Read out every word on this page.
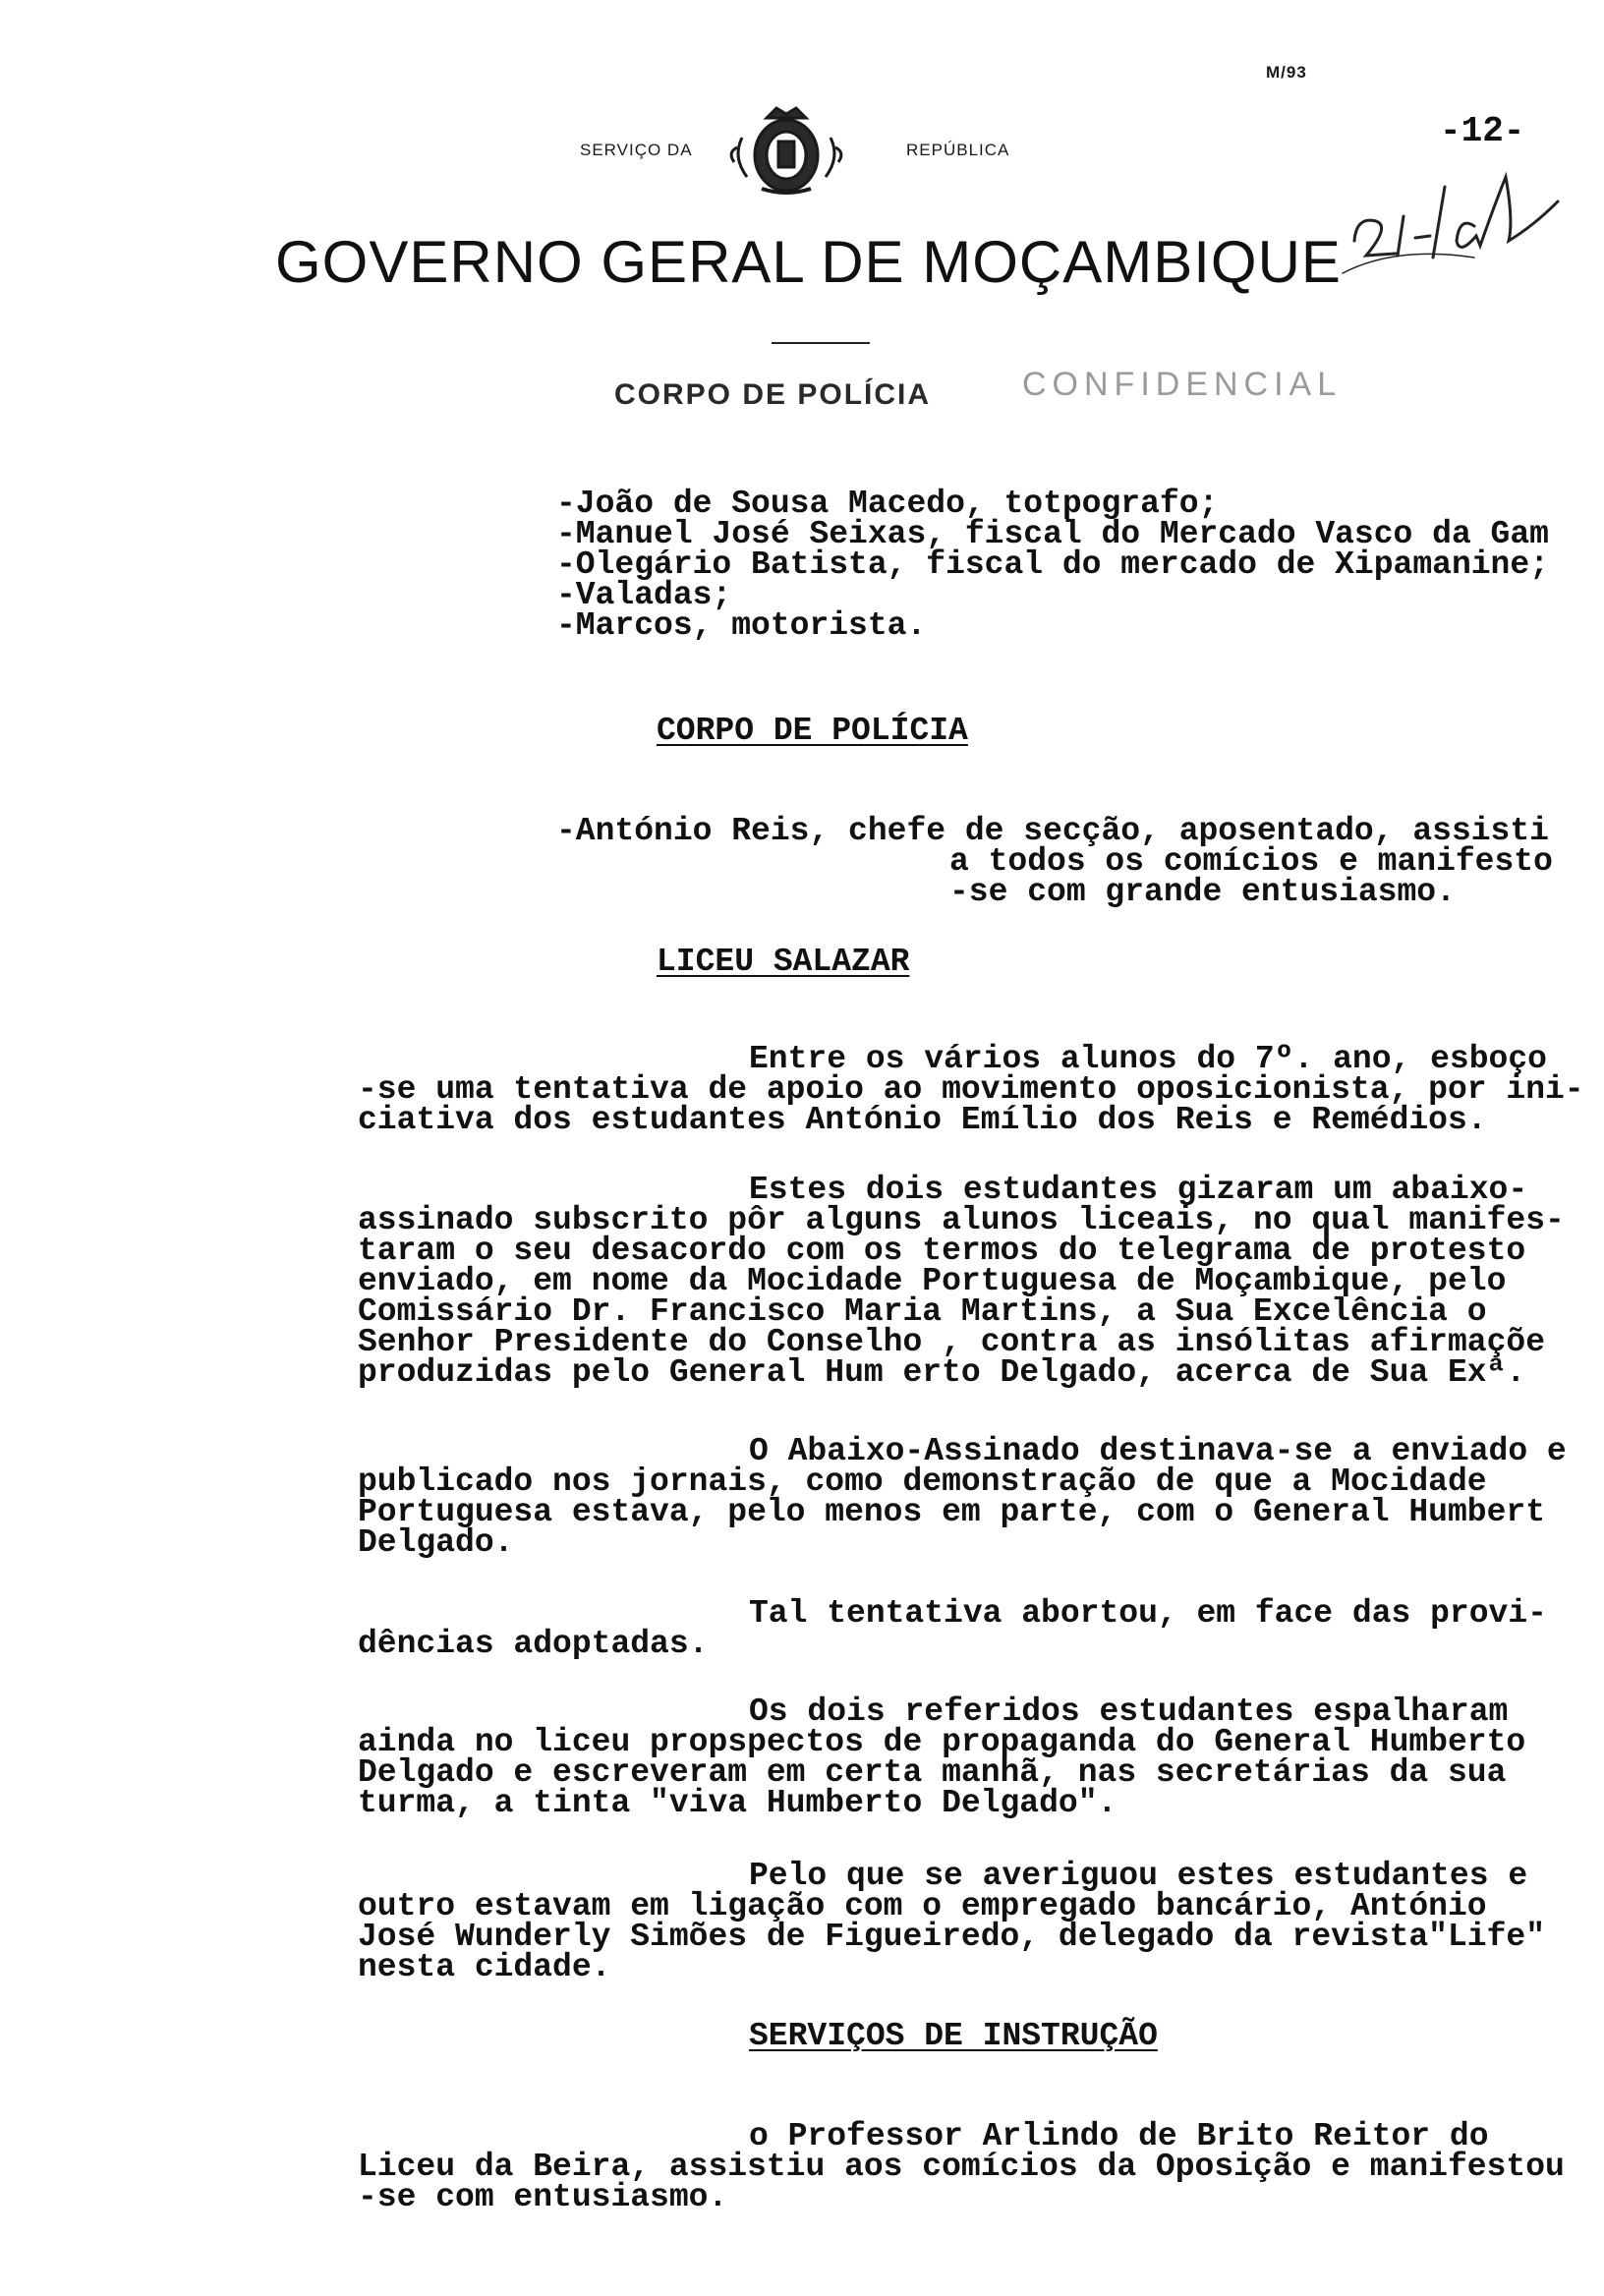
M/93
-12-
SERVIÇO DA	REPÚBLICA
GOVERNO GERAL DE MOÇAMBIQUE
CORPO DE POLÍCIA	CONFIDENCIAL
-João de Sousa Macedo, totpografo;
-Manuel José Seixas, fiscal do Mercado Vasco da Gam
-Olegário Batista, fiscal do mercado de Xipamanine;
-Valadas;
-Marcos, motorista.
CORPO DE POLÍCIA
-António Reis, chefe de secção, aposentado, assisti
a todos os comícios e manifesto
-se com grande entusiasmo.
LICEU SALAZAR
Entre os vários alunos do 7º. ano, esboço
-se uma tentativa de apoio ao movimento oposicionista, por ini-
ciativa dos estudantes António Emílio dos Reis e Remédios.
Estes dois estudantes gizaram um abaixo-
assinado subscrito pôr alguns alunos liceais, no qual manifes-
taram o seu desacordo com os termos do telegrama de protesto
enviado, em nome da Mocidade Portuguesa de Moçambique, pelo
Comissário Dr. Francisco Maria Martins, a Sua Excelência o
Senhor Presidente do Conselho , contra as insólitas afirmaçõe
produzidas pelo General Hum erto Delgado, acerca de Sua Exª.
O Abaixo-Assinado destinava-se a enviado e
publicado nos jornais, como demonstração de que a Mocidade
Portuguesa estava, pelo menos em parte, com o General Humbert
Delgado.
Tal tentativa abortou, em face das provi-
dências adoptadas.
Os dois referidos estudantes espalharam
ainda no liceu propspectos de propaganda do General Humberto
Delgado e escreveram em certa manhã, nas secretárias da sua
turma, a tinta "viva Humberto Delgado".
Pelo que se averiguou estes estudantes e
outro estavam em ligação com o empregado bancário, António
José Wunderly Simões de Figueiredo, delegado da revista"Life"
nesta cidade.
SERVIÇOS DE INSTRUÇÃO
o Professor Arlindo de Brito Reitor do
Liceu da Beira, assistiu aos comícios da Oposição e manifestou
-se com entusiasmo.
